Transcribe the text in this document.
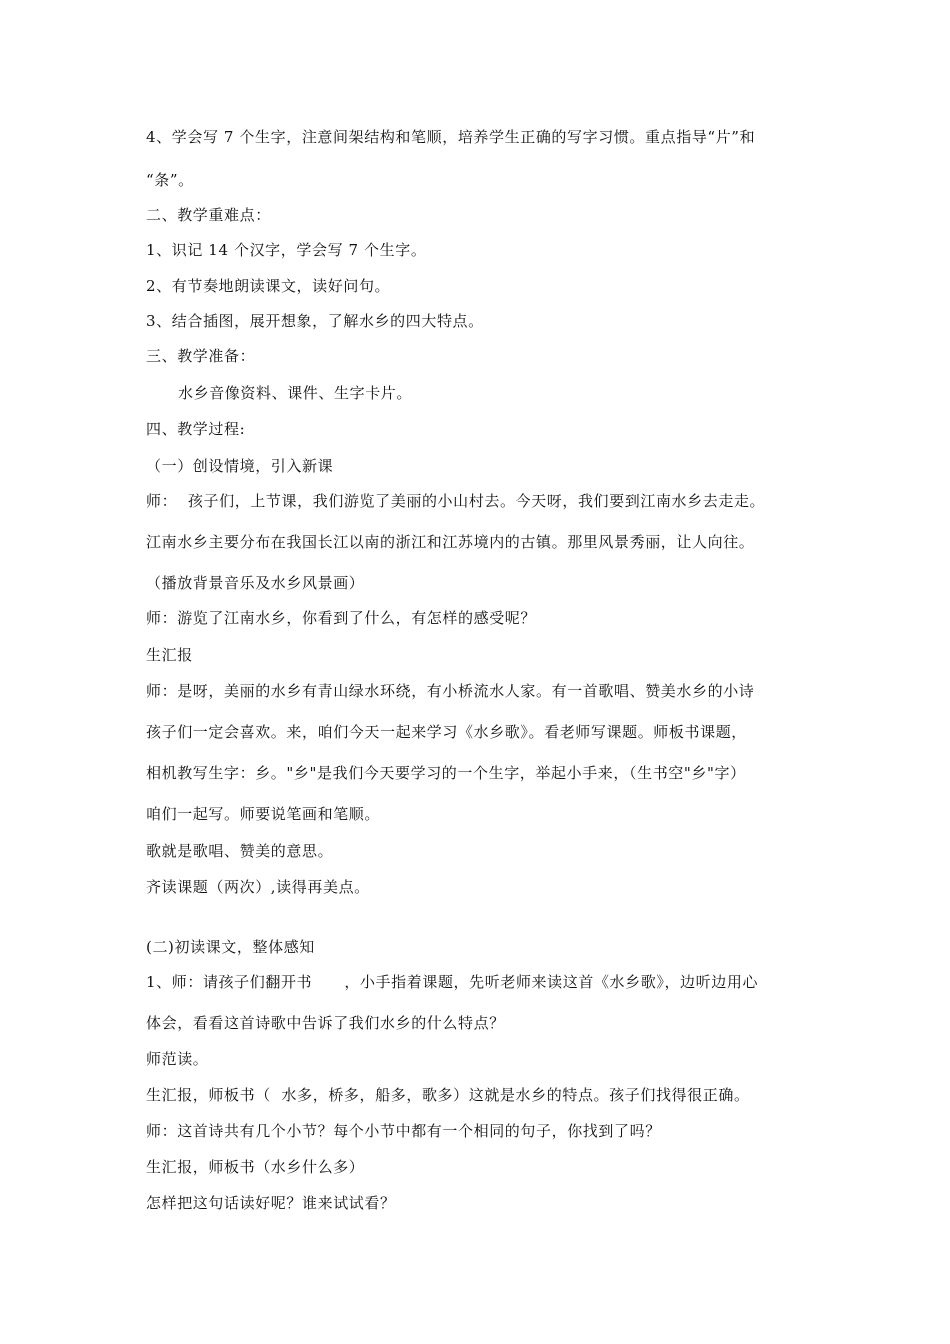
4、学会写 7 个生字，注意间架结构和笔顺，培养学生正确的写字习惯。重点指导“片”和
“条”。
二、教学重难点：
1、识记 14 个汉字，学会写 7 个生字。
2、有节奏地朗读课文，读好问句。
3、结合插图，展开想象，了解水乡的四大特点。
三、教学准备：
水乡音像资料、课件、生字卡片。
四、教学过程:
（一）创设情境，引入新课
师：  孩子们，上节课，我们游览了美丽的小山村去。今天呀，我们要到江南水乡去走走。
江南水乡主要分布在我国长江以南的浙江和江苏境内的古镇。那里风景秀丽，让人向往。
（播放背景音乐及水乡风景画）
师：游览了江南水乡，你看到了什么，有怎样的感受呢？
生汇报
师：是呀，美丽的水乡有青山绿水环绕，有小桥流水人家。有一首歌唱、赞美水乡的小诗
孩子们一定会喜欢。来，咱们今天一起来学习《水乡歌》。看老师写课题。师板书课题，
相机教写生字：乡。"乡"是我们今天要学习的一个生字，举起小手来，（生书空"乡"字）
咱们一起写。师要说笔画和笔顺。
歌就是歌唱、赞美的意思。
齐读课题（两次）,读得再美点。
(二)初读课文，整体感知
1、师：请孩子们翻开书      ，小手指着课题，先听老师来读这首《水乡歌》，边听边用心
体会，看看这首诗歌中告诉了我们水乡的什么特点？
师范读。
生汇报，师板书（  水多，桥多，船多，歌多）这就是水乡的特点。孩子们找得很正确。
师：这首诗共有几个小节？每个小节中都有一个相同的句子，你找到了吗？
生汇报，师板书（水乡什么多）
怎样把这句话读好呢？谁来试试看？
